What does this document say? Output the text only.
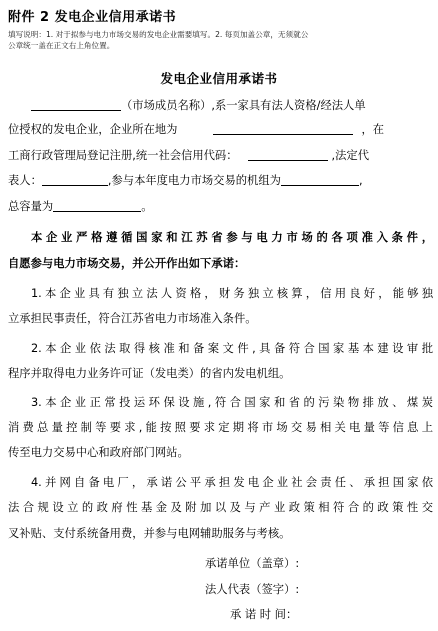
附件 2 发电企业信用承诺书
填写说明：1. 对于拟参与电力市场交易的发电企业需要填写。2. 每页加盖公章，无须就公
公章统一盖在正文右上角位置。
发电企业信用承诺书
（市场成员名称）,系一家具有法人资格/经法人单
位授权的发电企业，企业所在地为	，在
工商行政管理局登记注册,统一社会信用代码：	,法定代
表人：	,参与本年度电力市场交易的机组为	,
总容量为	。
本企业严格遵循国家和江苏省参与电力市场的各项准入条件，
自愿参与电力市场交易，并公开作出如下承诺：
1.本企业具有独立法人资格，财务独立核算，信用良好，能够独
立承担民事责任，符合江苏省电力市场准入条件。
2.本企业依法取得核准和备案文件,具备符合国家基本建设审批
程序并取得电力业务许可证（发电类）的省内发电机组。
3.本企业正常投运环保设施,符合国家和省的污染物排放、煤炭
消费总量控制等要求,能按照要求定期将市场交易相关电量等信息上
传至电力交易中心和政府部门网站。
4.并网自备电厂，承诺公平承担发电企业社会责任、承担国家依
法合规设立的政府性基金及附加以及与产业政策相符合的政策性交
叉补贴、支付系统备用费，并参与电网辅助服务与考核。
承诺单位（盖章）:
法人代表（签字）:
承 诺 时 间：
